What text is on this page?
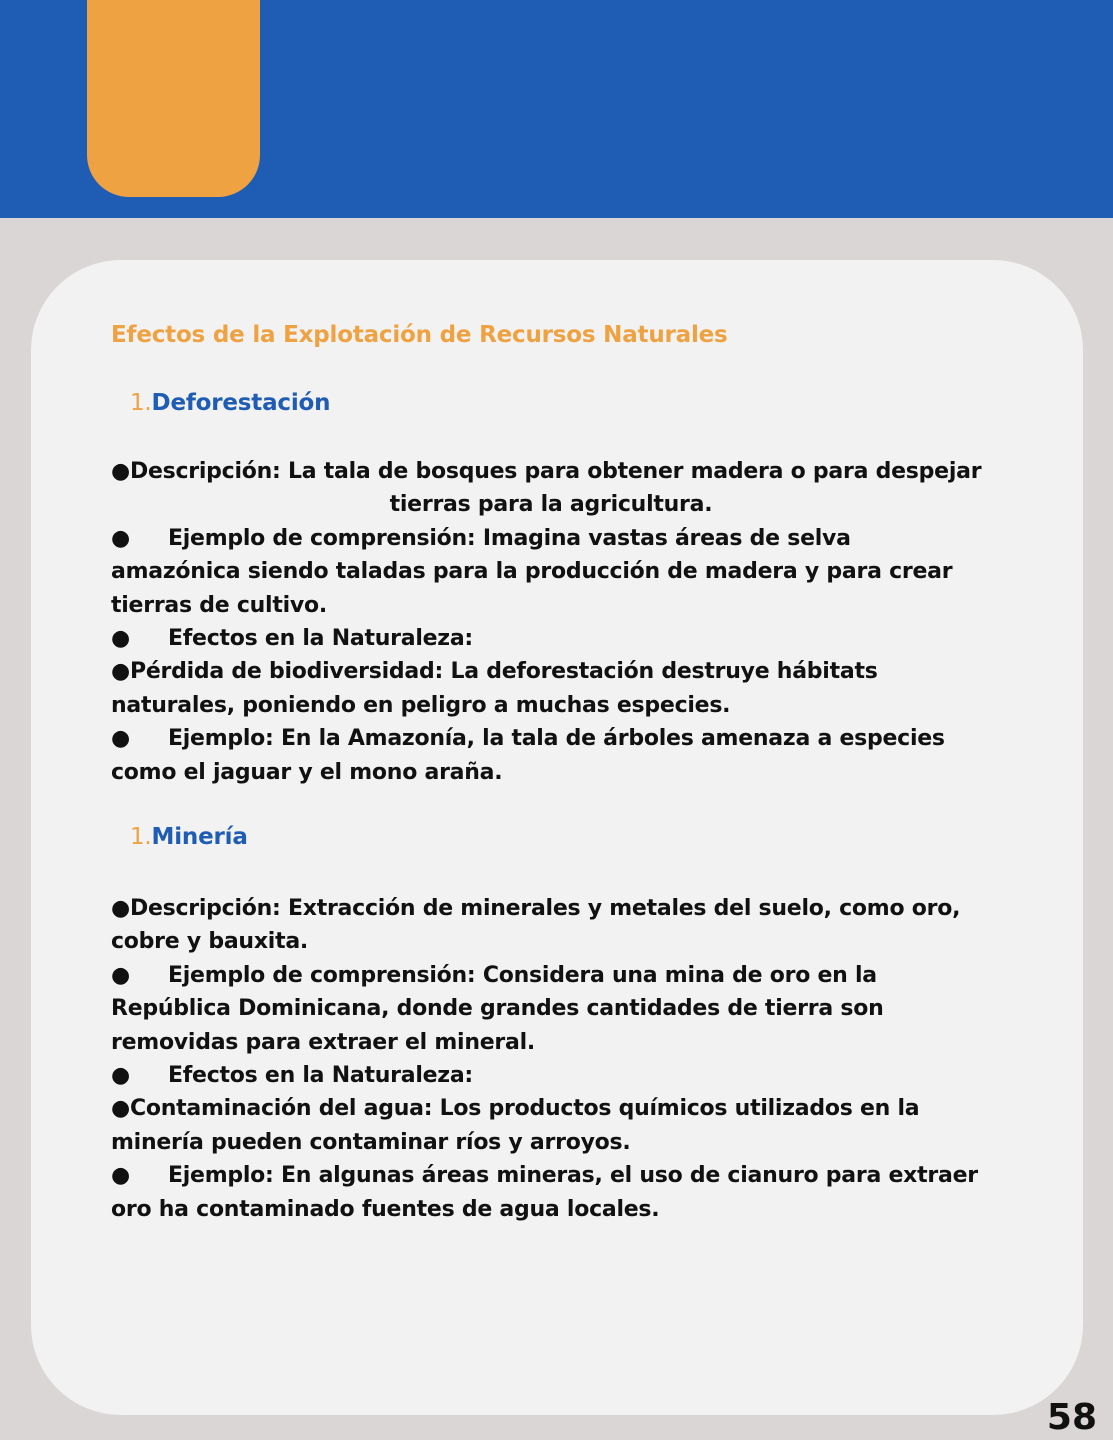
Efectos de la Explotación de Recursos Naturales
1.Deforestación
●Descripción: La tala de bosques para obtener madera o para despejar
tierras para la agricultura.
● Ejemplo de comprensión: Imagina vastas áreas de selva
amazónica siendo taladas para la producción de madera y para crear
tierras de cultivo.
● Efectos en la Naturaleza:
●Pérdida de biodiversidad: La deforestación destruye hábitats
naturales, poniendo en peligro a muchas especies.
● Ejemplo: En la Amazonía, la tala de árboles amenaza a especies
como el jaguar y el mono araña.
1.Minería
●Descripción: Extracción de minerales y metales del suelo, como oro,
cobre y bauxita.
● Ejemplo de comprensión: Considera una mina de oro en la
República Dominicana, donde grandes cantidades de tierra son
removidas para extraer el mineral.
● Efectos en la Naturaleza:
●Contaminación del agua: Los productos químicos utilizados en la
minería pueden contaminar ríos y arroyos.
● Ejemplo: En algunas áreas mineras, el uso de cianuro para extraer
oro ha contaminado fuentes de agua locales.
58
